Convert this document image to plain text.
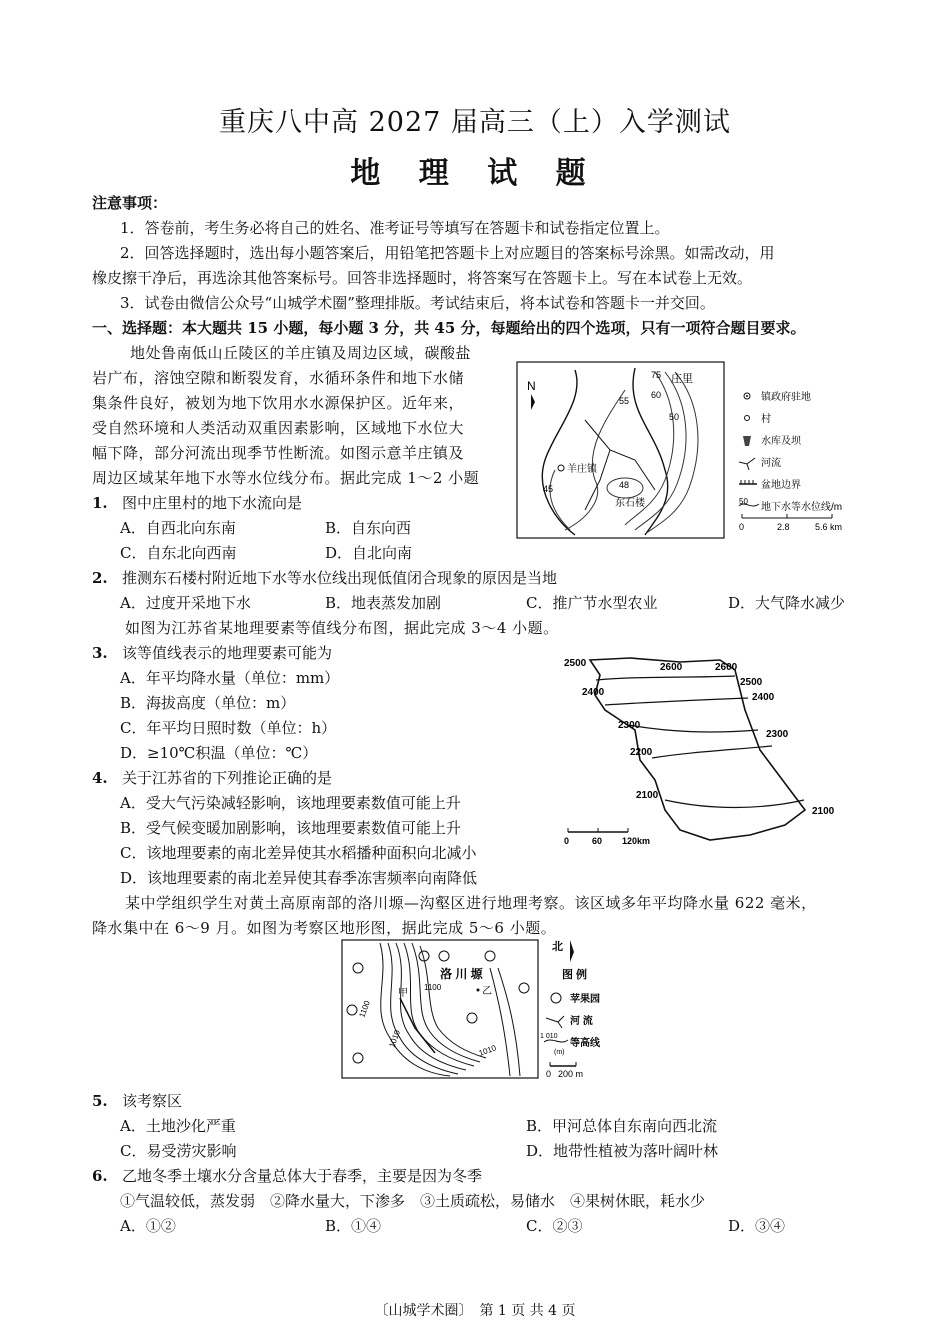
重庆八中高 2027 届高三（上）入学测试
地 理 试 题
注意事项：
1．答卷前，考生务必将自己的姓名、准考证号等填写在答题卡和试卷指定位置上。
2．回答选择题时，选出每小题答案后，用铅笔把答题卡上对应题目的答案标号涂黑。如需改动，用
橡皮擦干净后，再选涂其他答案标号。回答非选择题时，将答案写在答题卡上。写在本试卷上无效。
3．试卷由微信公众号“山城学术圈”整理排版。考试结束后，将本试卷和答题卡一并交回。
一、选择题：本大题共 15 小题，每小题 3 分，共 45 分，每题给出的四个选项，只有一项符合题目要求。
地处鲁南低山丘陵区的羊庄镇及周边区域，碳酸盐
岩广布，溶蚀空隙和断裂发育，水循环条件和地下水储
集条件良好，被划为地下饮用水水源保护区。近年来，
受自然环境和人类活动双重因素影响，区域地下水位大
幅下降，部分河流出现季节性断流。如图示意羊庄镇及
周边区域某年地下水等水位线分布。据此完成 1～2 小题
N	庄里
羊庄镇
东石楼
75
60
55
50
45	48
镇政府驻地
村
水库及坝
河流
盆地边界
50
地下水等水位线/m
0	2.8	5.6 km
1. 图中庄里村的地下水流向是
A．自西北向东南	B．自东向西
C．自东北向西南	D．自北向南
2. 推测东石楼村附近地下水等水位线出现低值闭合现象的原因是当地
A．过度开采地下水	B．地表蒸发加剧	C．推广节水型农业	D．大气降水减少
如图为江苏省某地理要素等值线分布图，据此完成 3～4 小题。
2500	2600	2600
2500
2400	2400
2300
2300
2200
2100
2100
0	60 120km
3. 该等值线表示的地理要素可能为
A．年平均降水量（单位：mm）
B．海拔高度（单位：m）
C．年平均日照时数（单位：h）
D．≥10℃积温（单位：℃）
4. 关于江苏省的下列推论正确的是
A．受大气污染减轻影响，该地理要素数值可能上升
B．受气候变暖加剧影响，该地理要素数值可能上升
C．该地理要素的南北差异使其水稻播种面积向北减小
D．该地理要素的南北差异使其春季冻害频率向南降低
某中学组织学生对黄土高原南部的洛川塬—沟壑区进行地理考察。该区域多年平均降水量 622 毫米，
降水集中在 6～9 月。如图为考察区地形图，据此完成 5～6 小题。
洛 川 塬
甲	乙
1100
1100
1010
1010
北
图 例
苹果园
河 流
1 010
(m)
等高线
0 200 m
5. 该考察区
A．土地沙化严重	B．甲河总体自东南向西北流
C．易受涝灾影响	D．地带性植被为落叶阔叶林
6. 乙地冬季土壤水分含量总体大于春季，主要是因为冬季
①气温较低，蒸发弱　②降水量大，下渗多　③土质疏松，易储水　④果树休眠，耗水少
A．①②	B．①④	C．②③	D．③④
〔山城学术圈〕　第 1 页 共 4 页
